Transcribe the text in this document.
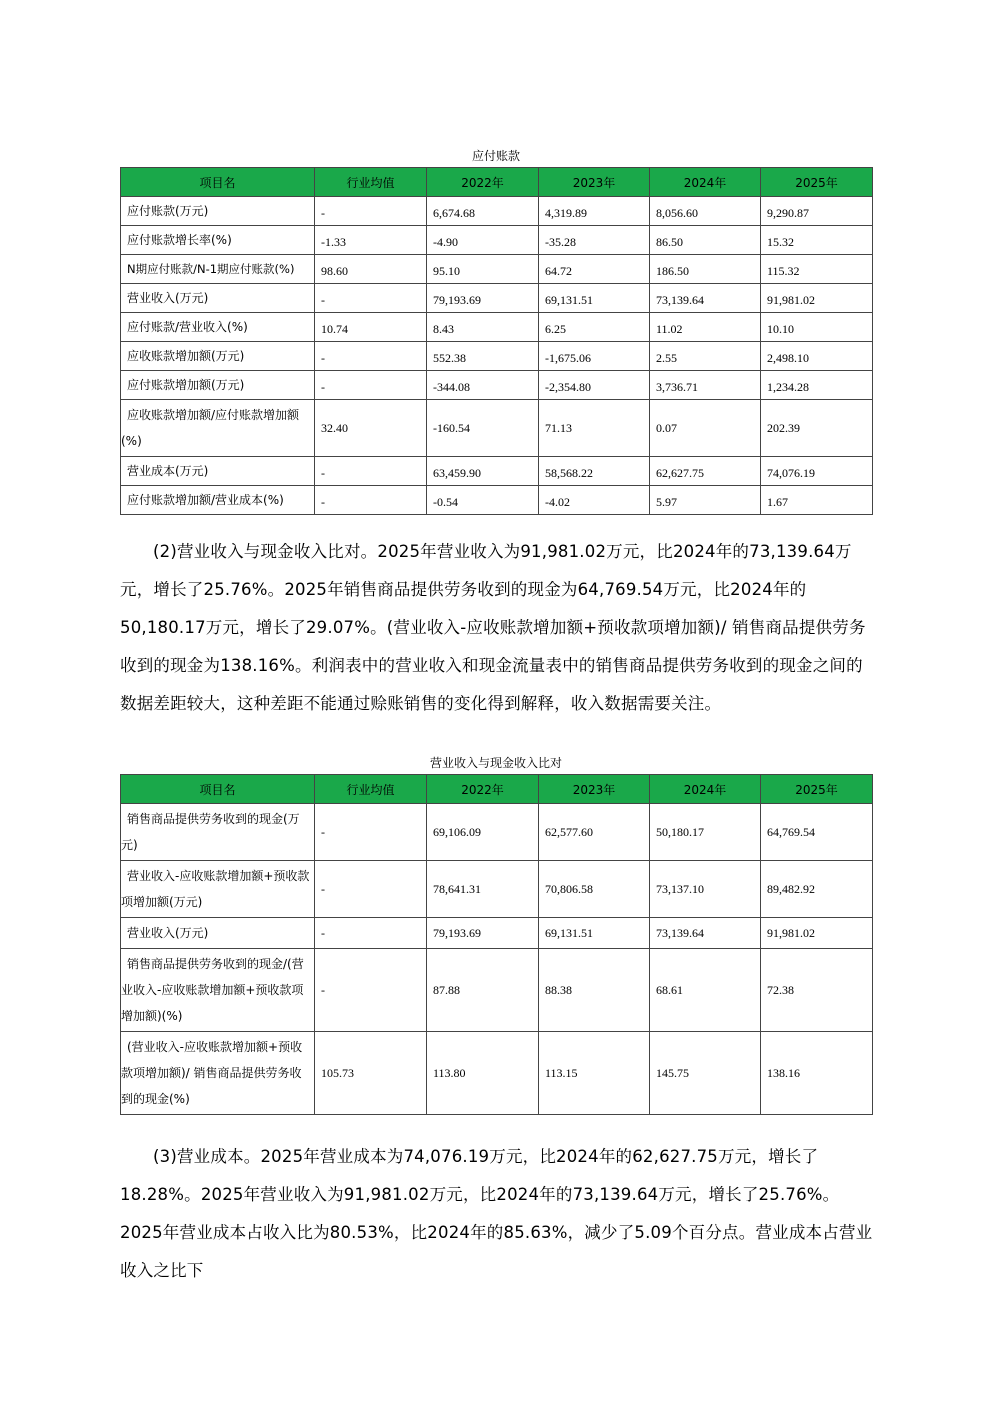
应付账款
项目名	行业均值	2022年	2023年	2024年	2025年
应付账款(万元)	-	6,674.68	4,319.89	8,056.60	9,290.87
应付账款增长率(%)	-1.33	-4.90	-35.28	86.50	15.32
N期应付账款/N-1期应付账款(%)	98.60	95.10	64.72	186.50	115.32
营业收入(万元)	-	79,193.69	69,131.51	73,139.64	91,981.02
应付账款/营业收入(%)	10.74	8.43	6.25	11.02	10.10
应收账款增加额(万元)	-	552.38	-1,675.06	2.55	2,498.10
应付账款增加额(万元)	-	-344.08	-2,354.80	3,736.71	1,234.28
应收账款增加额/应付账款增加额(%)	32.40	-160.54	71.13	0.07	202.39
营业成本(万元)	-	63,459.90	58,568.22	62,627.75	74,076.19
应付账款增加额/营业成本(%)	-	-0.54	-4.02	5.97	1.67
(2)营业收入与现金收入比对。2025年营业收入为91,981.02万元，比2024年的73,139.64万元，增长了25.76%。2025年销售商品提供劳务收到的现金为64,769.54万元，比2024年的50,180.17万元，增长了29.07%。(营业收入-应收账款增加额+预收款项增加额)/ 销售商品提供劳务收到的现金为138.16%。利润表中的营业收入和现金流量表中的销售商品提供劳务收到的现金之间的数据差距较大，这种差距不能通过赊账销售的变化得到解释，收入数据需要关注。
营业收入与现金收入比对
项目名	行业均值	2022年	2023年	2024年	2025年
销售商品提供劳务收到的现金(万元)	-	69,106.09	62,577.60	50,180.17	64,769.54
营业收入-应收账款增加额+预收款项增加额(万元)	-	78,641.31	70,806.58	73,137.10	89,482.92
营业收入(万元)	-	79,193.69	69,131.51	73,139.64	91,981.02
销售商品提供劳务收到的现金/(营业收入-应收账款增加额+预收款项增加额)(%)	-	87.88	88.38	68.61	72.38
(营业收入-应收账款增加额+预收款项增加额)/ 销售商品提供劳务收到的现金(%)	105.73	113.80	113.15	145.75	138.16
(3)营业成本。2025年营业成本为74,076.19万元，比2024年的62,627.75万元，增长了18.28%。2025年营业收入为91,981.02万元，比2024年的73,139.64万元，增长了25.76%。2025年营业成本占收入比为80.53%，比2024年的85.63%，减少了5.09个百分点。营业成本占营业收入之比下
